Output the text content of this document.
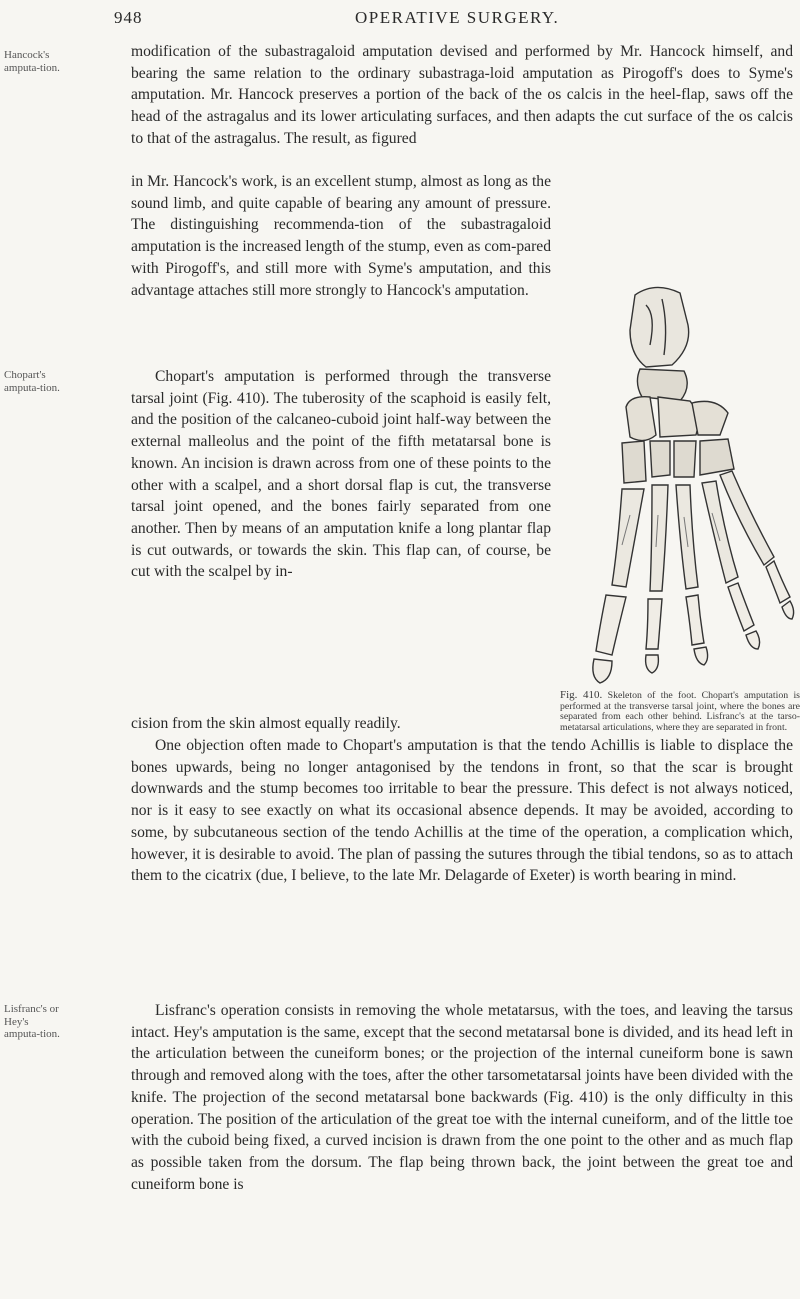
948	OPERATIVE SURGERY.
Hancock's amputa-tion.
Chopart's amputa-tion.
Lisfranc's or Hey's amputa-tion.

modification of the subastragaloid amputation devised and performed by Mr. Hancock himself, and bearing the same relation to the ordinary subastraga-loid amputation as Pirogoff's does to Syme's amputation. Mr. Hancock preserves a portion of the back of the os calcis in the heel-flap, saws off the head of the astragalus and its lower articulating surfaces, and then adapts the cut surface of the os calcis to that of the astragalus. The result, as figured

in Mr. Hancock's work, is an excellent stump, almost as long as the sound limb, and quite capable of bearing any amount of pressure. The distinguishing recommenda-tion of the subastragaloid amputation is the increased length of the stump, even as com-pared with Pirogoff's, and still more with Syme's amputation, and this advantage attaches still more strongly to Hancock's amputation.

Chopart's amputation is performed through the transverse tarsal joint (Fig. 410). The tuberosity of the scaphoid is easily felt, and the position of the calcaneo-cuboid joint half-way between the external malleolus and the point of the fifth metatarsal bone is known. An incision is drawn across from one of these points to the other with a scalpel, and a short dorsal flap is cut, the transverse tarsal joint opened, and the bones fairly separated from one another. Then by means of an amputation knife a long plantar flap is cut outwards, or towards the skin. This flap can, of course, be cut with the scalpel by in-

cision from the skin almost equally readily.

One objection often made to Chopart's amputation is that the tendo Achillis is liable to displace the bones upwards, being no longer antagonised by the tendons in front, so that the scar is brought downwards and the stump becomes too irritable to bear the pressure. This defect is not always noticed, nor is it easy to see exactly on what its occasional absence depends. It may be avoided, according to some, by subcutaneous section of the tendo Achillis at the time of the operation, a complication which, however, it is desirable to avoid. The plan of passing the sutures through the tibial tendons, so as to attach them to the cicatrix (due, I believe, to the late Mr. Delagarde of Exeter) is worth bearing in mind.

Lisfranc's operation consists in removing the whole metatarsus, with the toes, and leaving the tarsus intact. Hey's amputation is the same, except that the second metatarsal bone is divided, and its head left in the articulation between the cuneiform bones; or the projection of the internal cuneiform bone is sawn through and removed along with the toes, after the other tarsometatarsal joints have been divided with the knife. The projection of the second metatarsal bone backwards (Fig. 410) is the only difficulty in this operation. The position of the articulation of the great toe with the internal cuneiform, and of the little toe with the cuboid being fixed, a curved incision is drawn from the one point to the other and as much flap as possible taken from the dorsum. The flap being thrown back, the joint between the great toe and cuneiform bone is

Fig. 410. Skeleton of the foot. Chopart's amputation is performed at the transverse tarsal joint, where the bones are separated from each other behind. Lisfranc's at the tarso-metatarsal articulations, where they are separated in front.
